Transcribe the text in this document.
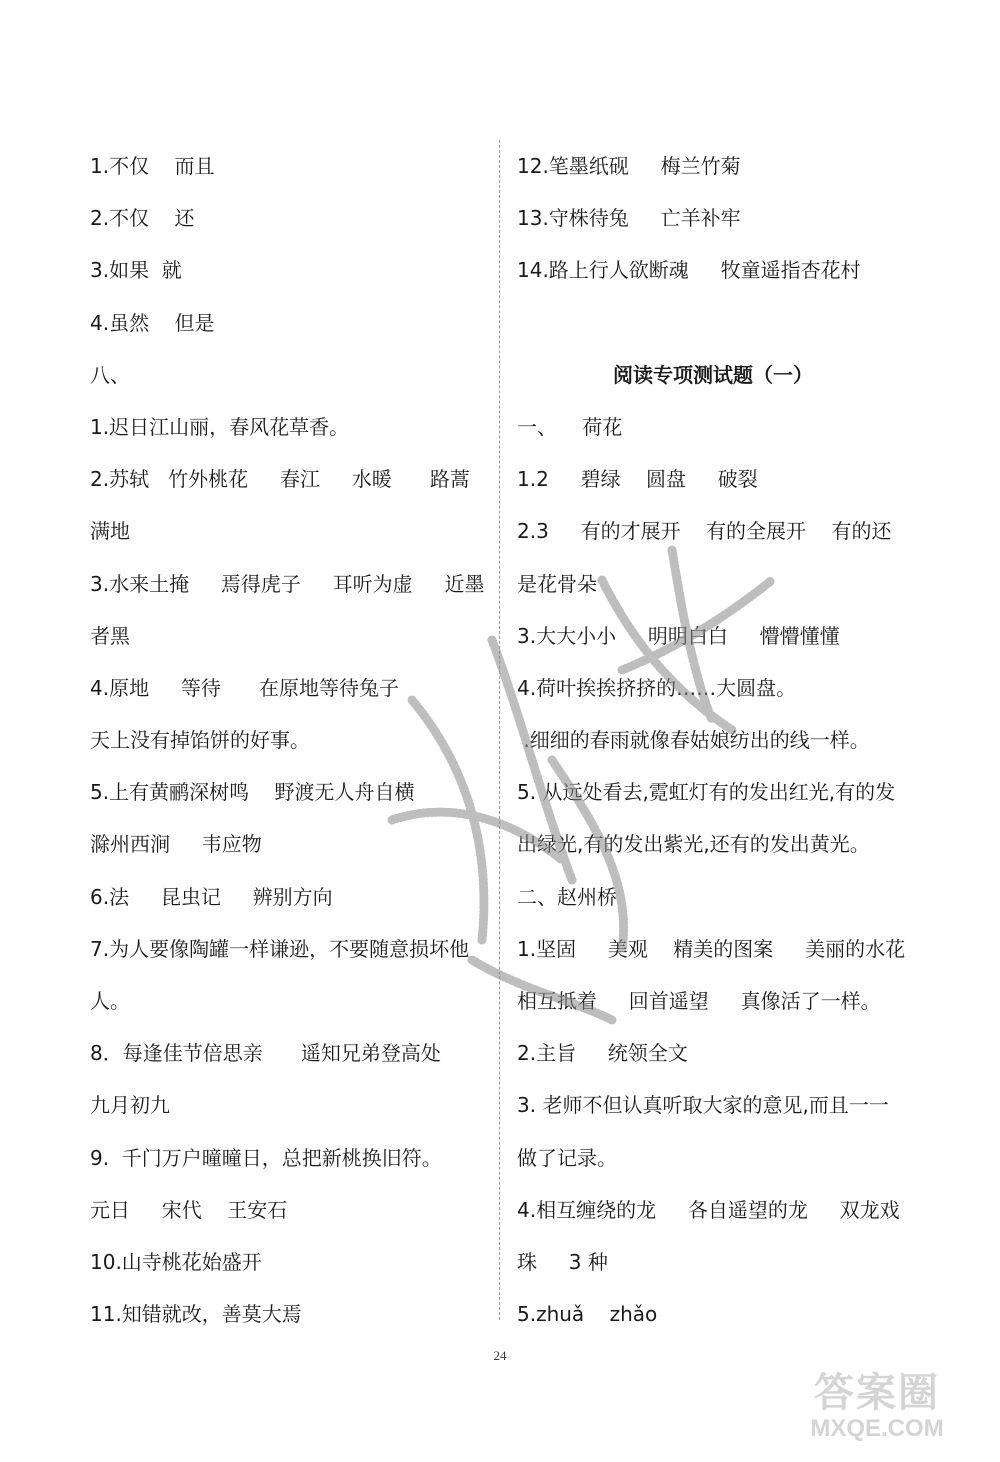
1.不仅    而且
2.不仅    还
3.如果  就
4.虽然    但是
八、
1.迟日江山丽，春风花草香。
2.苏轼   竹外桃花     春江     水暖      路蒿
满地
3.水来土掩     焉得虎子     耳听为虚     近墨
者黑
4.原地     等待      在原地等待兔子
天上没有掉馅饼的好事。
5.上有黄鹂深树鸣    野渡无人舟自横
滁州西涧     韦应物
6.法     昆虫记     辨别方向
7.为人要像陶罐一样谦逊，不要随意损坏他
人。
8．每逢佳节倍思亲      遥知兄弟登高处
九月初九
9.  千门万户曈曈日，总把新桃换旧符。
元日     宋代    王安石
10.山寺桃花始盛开
11.知错就改，善莫大焉
12.笔墨纸砚     梅兰竹菊
13.守株待兔     亡羊补牢
14.路上行人欲断魂     牧童遥指杏花村
阅读专项测试题（一）
一、    荷花
1.2     碧绿    圆盘     破裂
2.3     有的才展开    有的全展开    有的还
是花骨朵
3.大大小小     明明白白     懵懵懂懂
4.荷叶挨挨挤挤的……大圆盘。
.细细的春雨就像春姑娘纺出的线一样。
5. 从远处看去,霓虹灯有的发出红光,有的发
出绿光,有的发出紫光,还有的发出黄光。
二、赵州桥
1.坚固     美观    精美的图案     美丽的水花
相互抵着     回首遥望     真像活了一样。
2.主旨     统领全文
3. 老师不但认真听取大家的意见,而且一一
做了记录。
4.相互缠绕的龙     各自遥望的龙     双龙戏
珠     3 种
5.zhuǎ    zhǎo
24
答案圈
MXQE.COM
